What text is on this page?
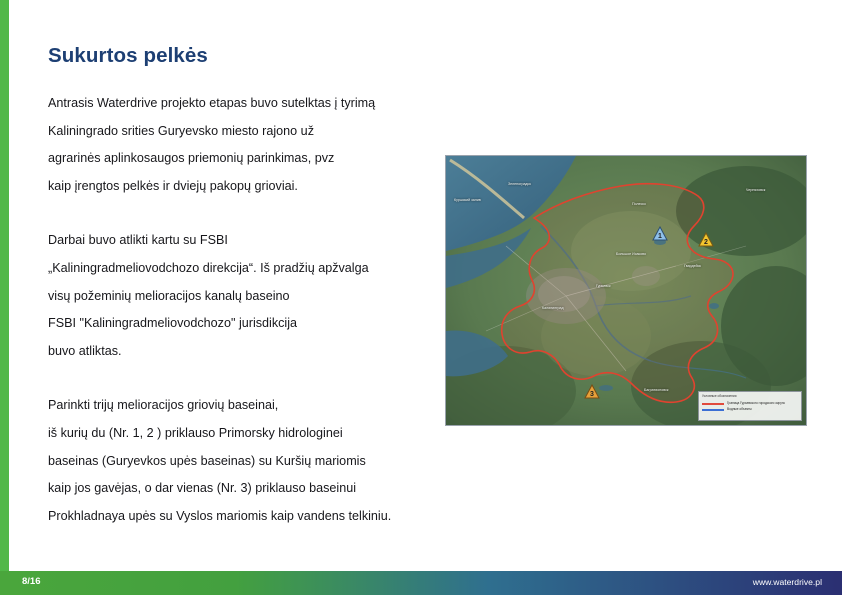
Sukurtos pelkės
Antrasis Waterdrive projekto etapas buvo sutelktas į tyrimą
Kaliningrado srities Guryevsko miesto rajono už
agrarinės aplinkosaugos priemonių parinkimas, pvz
kaip įrengtos pelkės ir dviejų pakopų grioviai.
Darbai buvo atlikti kartu su FSBI
„Kaliningradmeliovodchozo direkcija“. Iš pradžių apžvalga
visų požeminių melioracijos kanalų baseino
FSBI "Kaliningradmeliovodchozo" jurisdikcija
buvo atliktas.
Parinkti trijų melioracijos griovių baseinai,
iš kurių du (Nr. 1, 2 ) priklauso Primorsky hidrologinei
baseinas (Guryevkos upės baseinas) su Kuršių mariomis
kaip jos gavėjas, o dar vienas (Nr. 3) priklauso baseinui
Prokhladnaya upės su Vyslos mariomis kaip vandens telkiniu.
Куршский залив
Зеленоградск
Гурьевск
Калининград
Полесск
Гвардейск
Большое Исаково
Черняховск
Багратионовск
1
2
3	Условные обозначения
Граница Гурьевского городского округа
Водные объекты
8/16	www.waterdrive.pl
